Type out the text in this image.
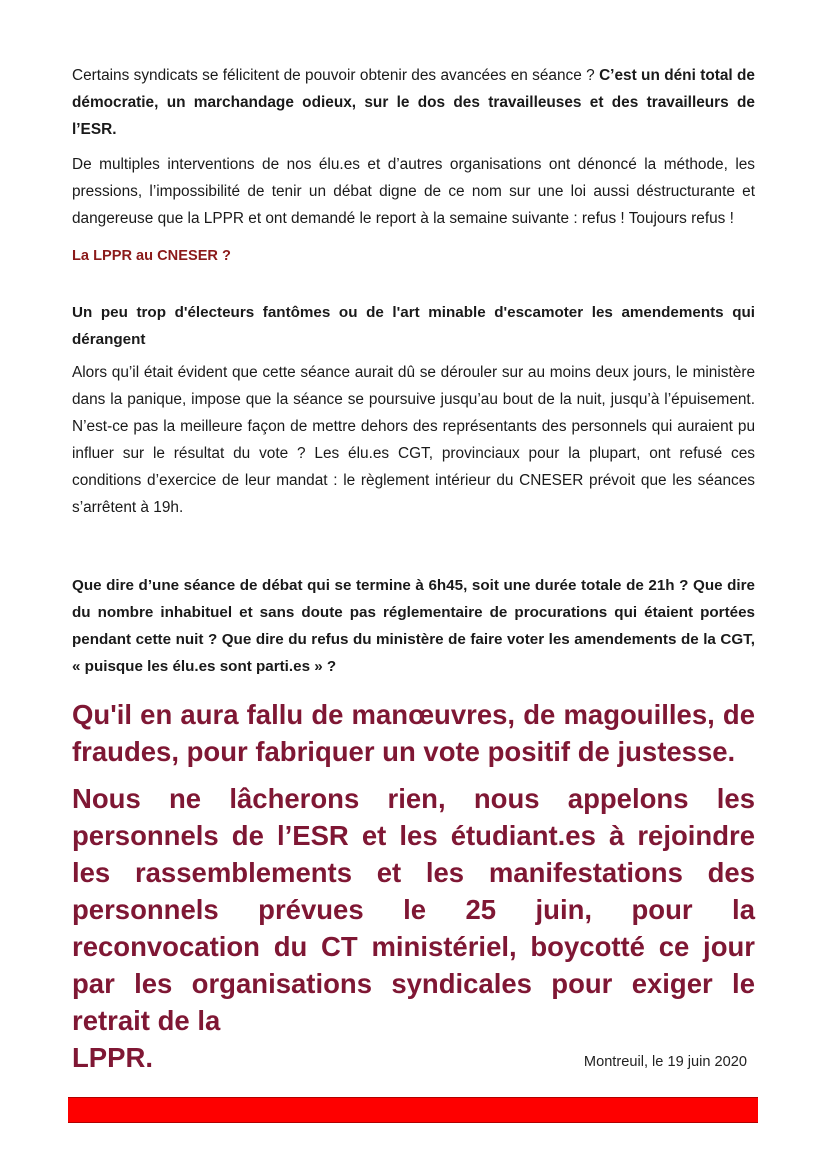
Certains syndicats se félicitent de pouvoir obtenir des avancées en séance ? C’est un déni total de démocratie, un marchandage odieux, sur le dos des travailleuses et des travailleurs de l’ESR.

De multiples interventions de nos élu.es et d’autres organisations ont dénoncé la méthode, les pressions, l’impossibilité de tenir un débat digne de ce nom sur une loi aussi déstructurante et dangereuse que la LPPR et ont demandé le report à la semaine suivante : refus ! Toujours refus !

La LPPR au CNESER ?

Un peu trop d'électeurs fantômes ou de l'art minable d'escamoter les amendements qui dérangent

Alors qu’il était évident que cette séance aurait dû se dérouler sur au moins deux jours, le ministère dans la panique, impose que la séance se poursuive jusqu’au bout de la nuit, jusqu’à l’épuisement. N’est-ce pas la meilleure façon de mettre dehors des représentants des personnels qui auraient pu influer sur le résultat du vote ? Les élu.es CGT, provinciaux pour la plupart, ont refusé ces conditions d’exercice de leur mandat : le règlement intérieur du CNESER prévoit que les séances s’arrêtent à 19h.

Que dire d’une séance de débat qui se termine à 6h45, soit une durée totale de 21h ? Que dire du nombre inhabituel et sans doute pas réglementaire de procurations qui étaient portées pendant cette nuit ? Que dire du refus du ministère de faire voter les amendements de la CGT, « puisque les élu.es sont parti.es » ?

Qu'il en aura fallu de manœuvres, de magouilles, de fraudes, pour fabriquer un vote positif de justesse.

Nous ne lâcherons rien, nous appelons les personnels de l’ESR et les étudiant.es à rejoindre les rassemblements et les manifestations des personnels prévues le 25 juin, pour la reconvocation du CT ministériel, boycotté ce jour par les organisations syndicales pour exiger le retrait de la

LPPR.	Montreuil, le 19 juin 2020
